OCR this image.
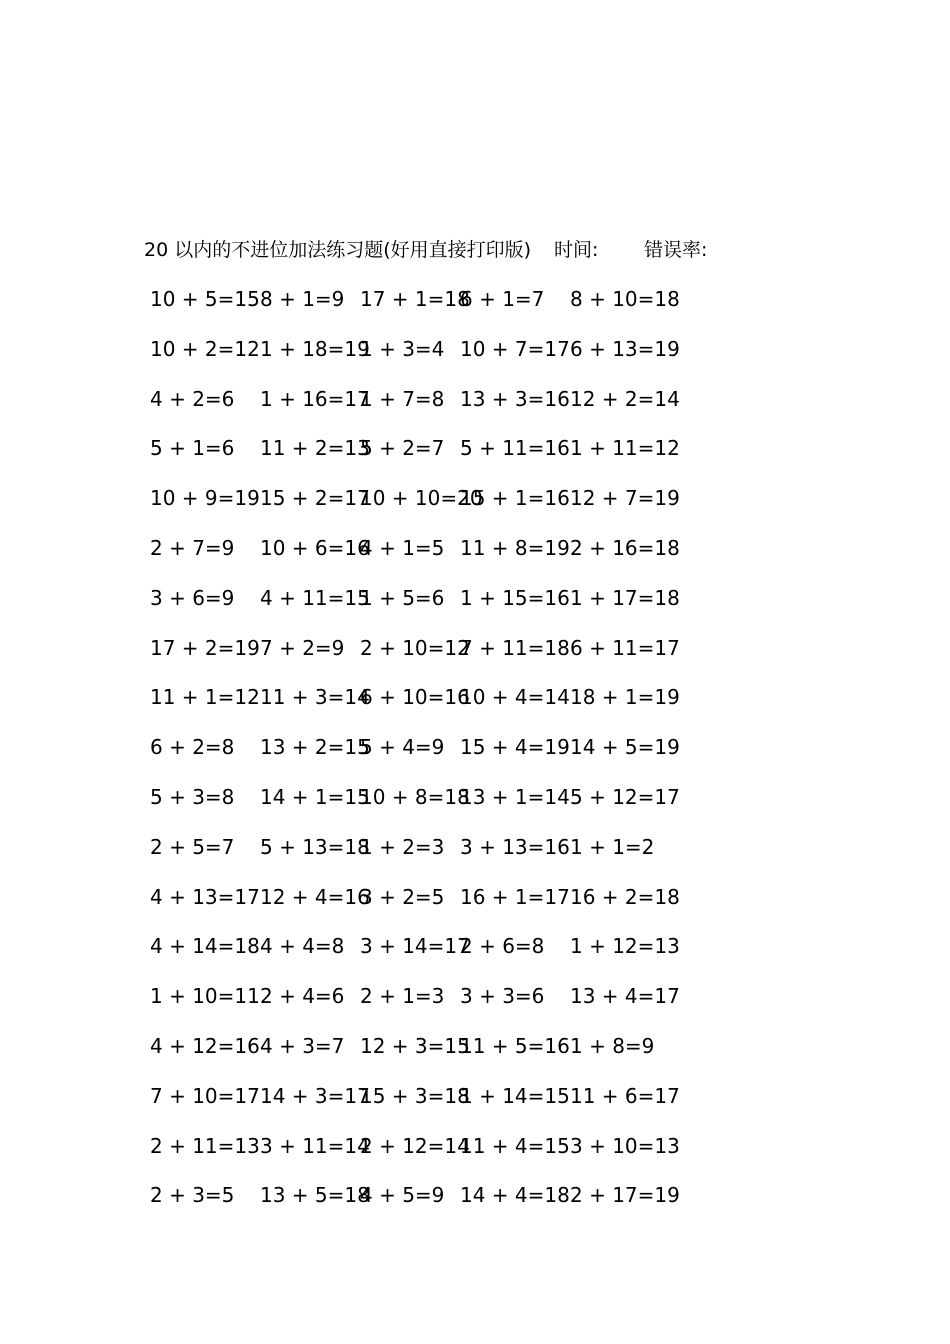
20 以内的不进位加法练习题(好用直接打印版) 时间: 错误率:
10 + 5=15 8 + 1=9 17 + 1=18
6 + 1=7 8 + 10=18
10 + 2=12 1 + 18=19
1 + 3=4 10 + 7=17 6 + 13=19
4 + 2=6 1 + 16=17
1 + 7=8 13 + 3=16 12 + 2=14
5 + 1=6 11 + 2=13
5 + 2=7 5 + 11=16 1 + 11=12
10 + 9=19 15 + 2=17
10 + 10=20
15 + 1=16 12 + 7=19
2 + 7=9 10 + 6=16
4 + 1=5 11 + 8=19 2 + 16=18
3 + 6=9 4 + 11=15
1 + 5=6 1 + 15=16 1 + 17=18
17 + 2=19 7 + 2=9 2 + 10=12
7 + 11=18 6 + 11=17
11 + 1=12 11 + 3=14
6 + 10=16
10 + 4=14 18 + 1=19
6 + 2=8 13 + 2=15
5 + 4=9 15 + 4=19 14 + 5=19
5 + 3=8 14 + 1=15
10 + 8=18
13 + 1=14 5 + 12=17
2 + 5=7 5 + 13=18
1 + 2=3 3 + 13=16 1 + 1=2
4 + 13=17 12 + 4=16
3 + 2=5 16 + 1=17 16 + 2=18
4 + 14=18 4 + 4=8 3 + 14=17
2 + 6=8 1 + 12=13
1 + 10=11 2 + 4=6 2 + 1=3 3 + 3=6 13 + 4=17
4 + 12=16 4 + 3=7 12 + 3=15
11 + 5=16 1 + 8=9
7 + 10=17 14 + 3=17
15 + 3=18
1 + 14=15 11 + 6=17
2 + 11=13 3 + 11=14
2 + 12=14
11 + 4=15 3 + 10=13
2 + 3=5 13 + 5=18
4 + 5=9 14 + 4=18 2 + 17=19
